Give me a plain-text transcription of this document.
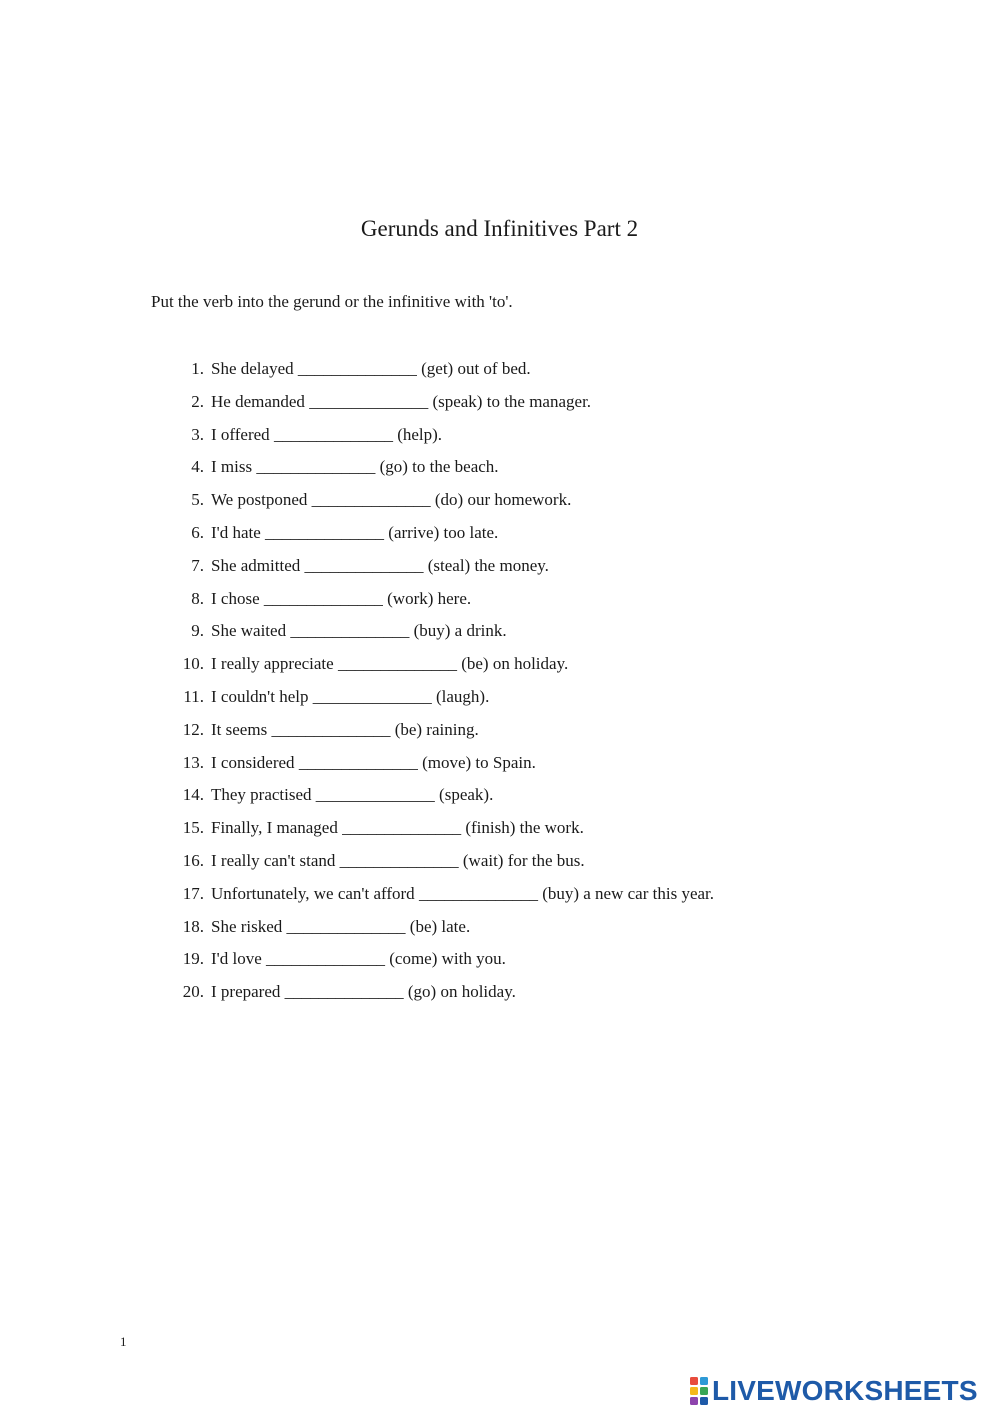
Gerunds and Infinitives Part 2
Put the verb into the gerund or the infinitive with 'to'.
1. She delayed ______________ (get) out of bed.
2. He demanded ______________ (speak) to the manager.
3. I offered ______________ (help).
4. I miss ______________ (go) to the beach.
5. We postponed ______________ (do) our homework.
6. I'd hate ______________ (arrive) too late.
7. She admitted ______________ (steal) the money.
8. I chose ______________ (work) here.
9. She waited ______________ (buy) a drink.
10. I really appreciate ______________ (be) on holiday.
11. I couldn't help ______________ (laugh).
12. It seems ______________ (be) raining.
13. I considered ______________ (move) to Spain.
14. They practised ______________ (speak).
15. Finally, I managed ______________ (finish) the work.
16. I really can't stand ______________ (wait) for the bus.
17. Unfortunately, we can't afford ______________ (buy) a new car this year.
18. She risked ______________ (be) late.
19. I'd love ______________ (come) with you.
20. I prepared ______________ (go) on holiday.
1
LIVEWORKSHEETS
